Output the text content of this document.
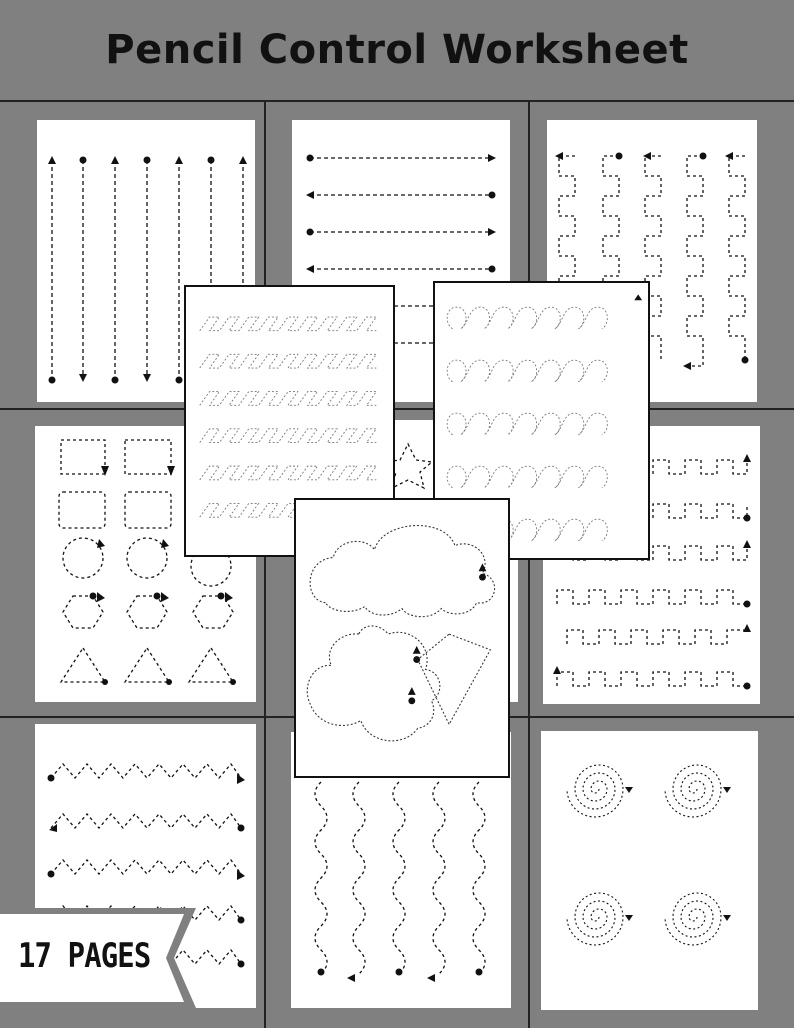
Pencil Control Worksheet
17 PAGES
